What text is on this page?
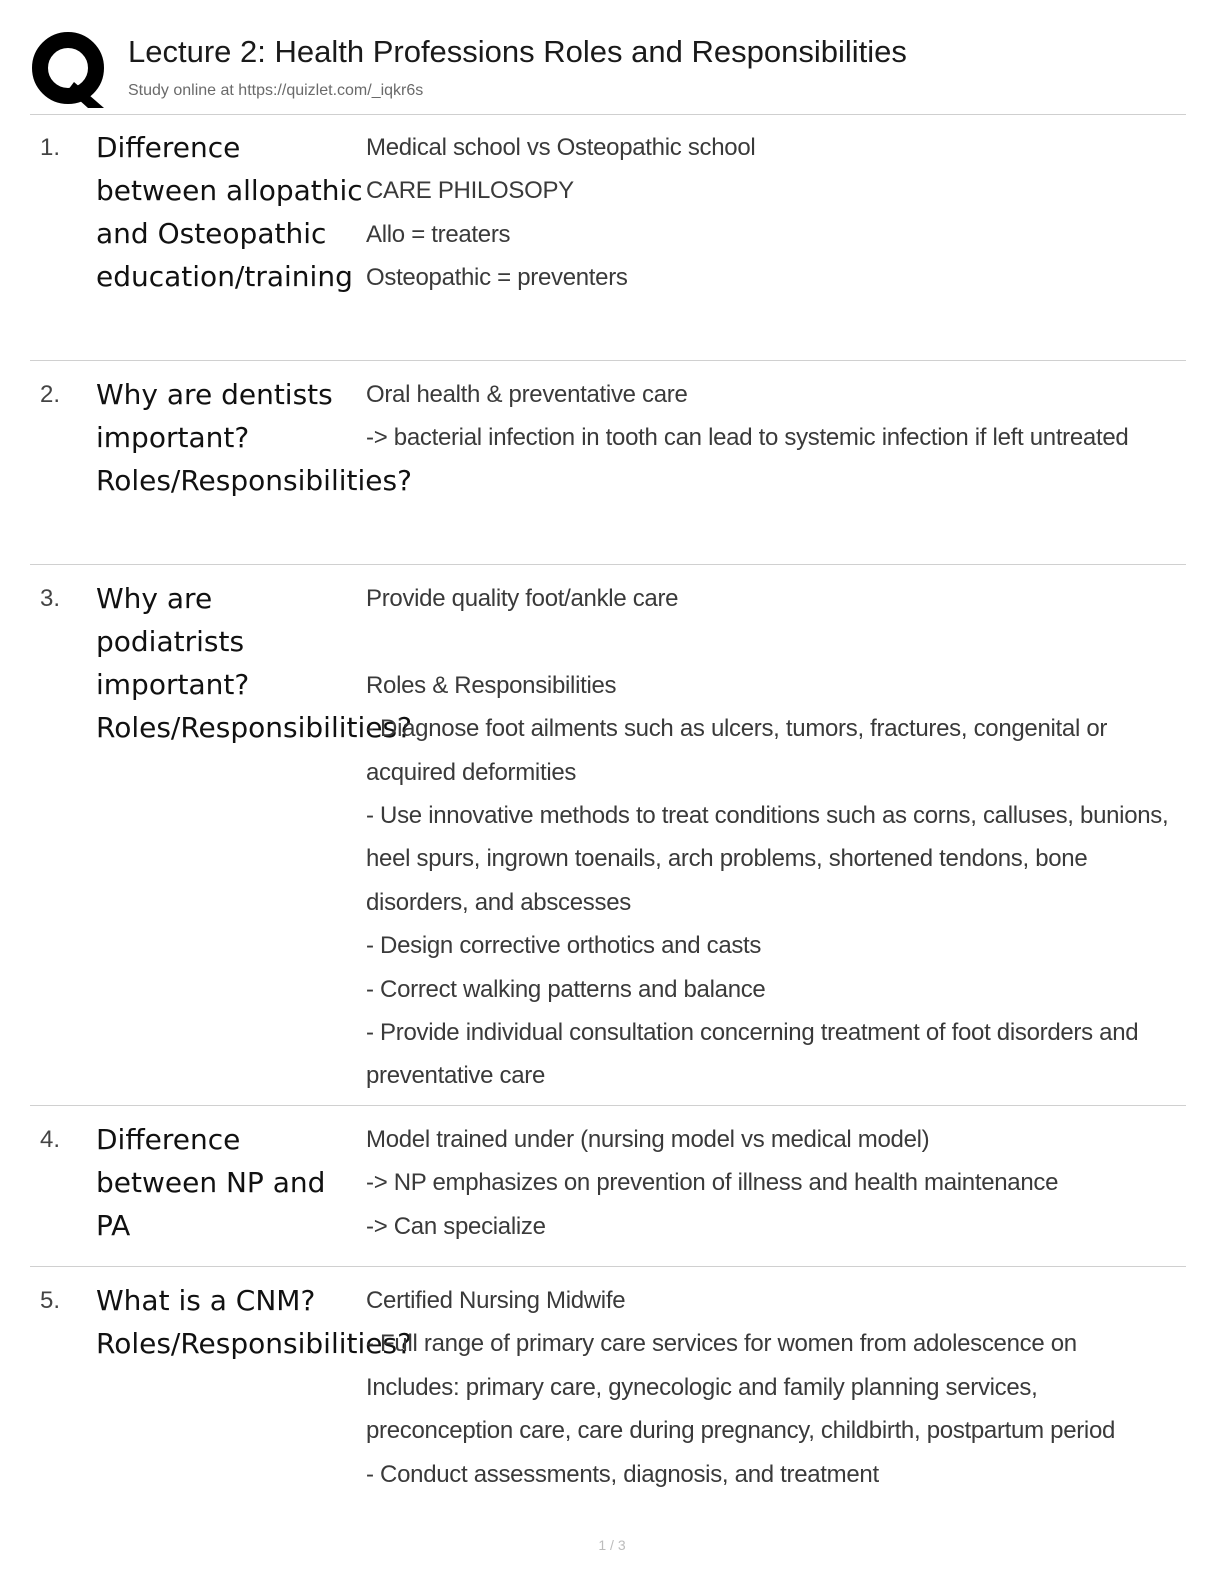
Lecture 2: Health Professions Roles and Responsibilities
Study online at https://quizlet.com/_iqkr6s
1. Difference between allopathic and Osteopathic education/training
Medical school vs Osteopathic school
CARE PHILOSOPY
Allo = treaters
Osteopathic = preventers
2. Why are dentists important? Roles/Responsibilities?
Oral health & preventative care
-> bacterial infection in tooth can lead to systemic infection if left untreated
3. Why are podiatrists important? Roles/Responsibilities?
Provide quality foot/ankle care
Roles & Responsibilities
- Diagnose foot ailments such as ulcers, tumors, fractures, congenital or acquired deformities
- Use innovative methods to treat conditions such as corns, calluses, bunions, heel spurs, ingrown toenails, arch problems, shortened tendons, bone disorders, and abscesses
- Design corrective orthotics and casts
- Correct walking patterns and balance
- Provide individual consultation concerning treatment of foot disorders and preventative care
4. Difference between NP and PA
Model trained under (nursing model vs medical model)
-> NP emphasizes on prevention of illness and health maintenance
-> Can specialize
5. What is a CNM? Roles/Responsibilities?
Certified Nursing Midwife
- Full range of primary care services for women from adolescence on
Includes: primary care, gynecologic and family planning services, preconception care, care during pregnancy, childbirth, postpartum period
- Conduct assessments, diagnosis, and treatment
1 / 3
